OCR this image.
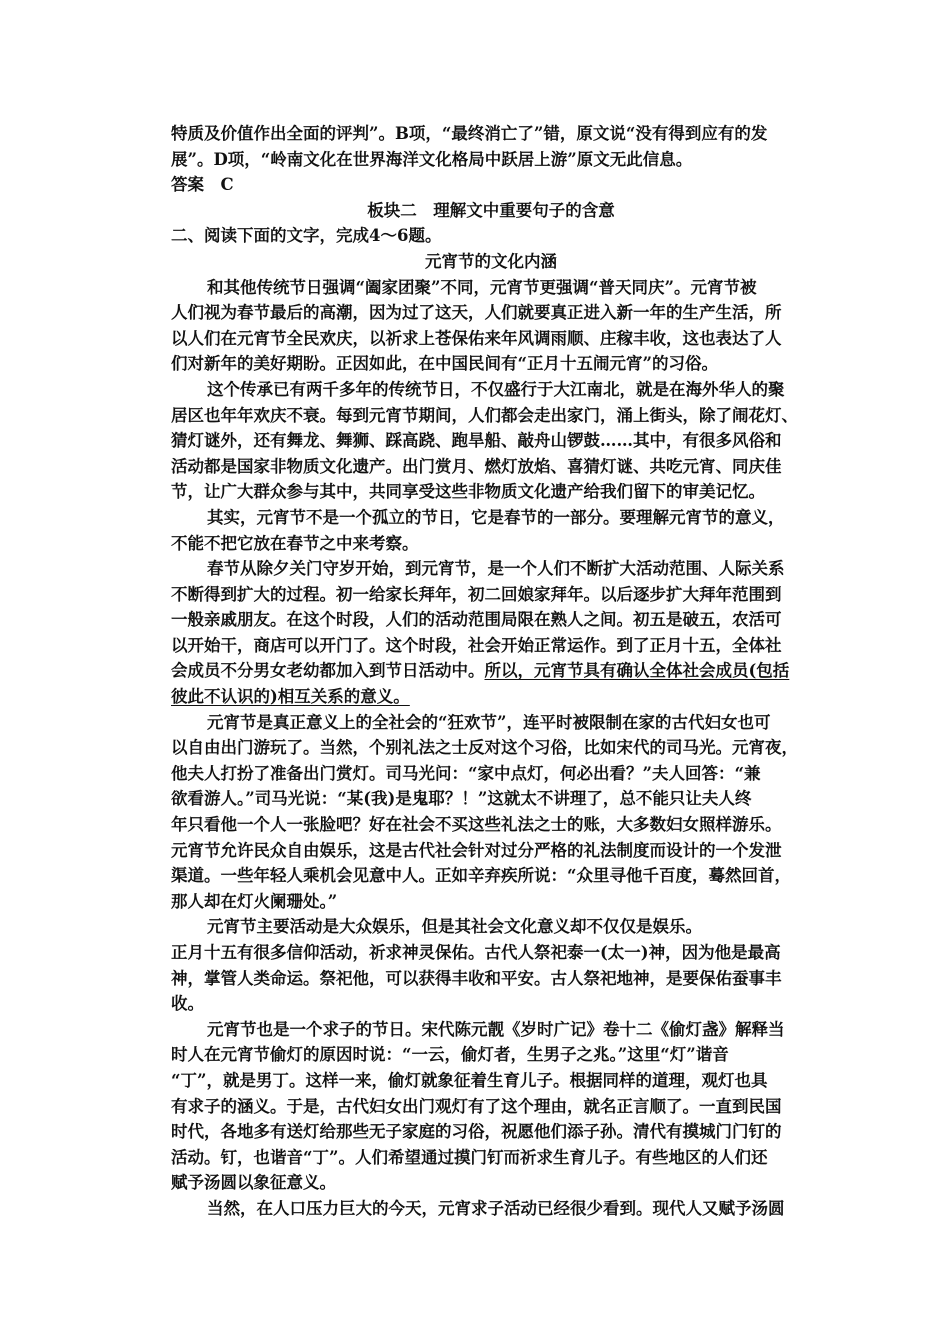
特质及价值作出全面的评判”。B项，“最终消亡了”错，原文说“没有得到应有的发
展”。D项，“岭南文化在世界海洋文化格局中跃居上游”原文无此信息。
答案　C
板块二　理解文中重要句子的含意
二、阅读下面的文字，完成4～6题。
元宵节的文化内涵
和其他传统节日强调“阖家团聚”不同，元宵节更强调“普天同庆”。元宵节被
人们视为春节最后的高潮，因为过了这天，人们就要真正进入新一年的生产生活，所
以人们在元宵节全民欢庆，以祈求上苍保佑来年风调雨顺、庄稼丰收，这也表达了人
们对新年的美好期盼。正因如此，在中国民间有“正月十五闹元宵”的习俗。
这个传承已有两千多年的传统节日，不仅盛行于大江南北，就是在海外华人的聚
居区也年年欢庆不衰。每到元宵节期间，人们都会走出家门，涌上街头，除了闹花灯、
猜灯谜外，还有舞龙、舞狮、踩高跷、跑旱船、敲舟山锣鼓……其中，有很多风俗和
活动都是国家非物质文化遗产。出门赏月、燃灯放焰、喜猜灯谜、共吃元宵、同庆佳
节，让广大群众参与其中，共同享受这些非物质文化遗产给我们留下的审美记忆。
其实，元宵节不是一个孤立的节日，它是春节的一部分。要理解元宵节的意义，
不能不把它放在春节之中来考察。
春节从除夕关门守岁开始，到元宵节，是一个人们不断扩大活动范围、人际关系
不断得到扩大的过程。初一给家长拜年，初二回娘家拜年。以后逐步扩大拜年范围到
一般亲戚朋友。在这个时段，人们的活动范围局限在熟人之间。初五是破五，农活可
以开始干，商店可以开门了。这个时段，社会开始正常运作。到了正月十五，全体社
会成员不分男女老幼都加入到节日活动中。所以，元宵节具有确认全体社会成员(包括
彼此不认识的)相互关系的意义。
元宵节是真正意义上的全社会的“狂欢节”，连平时被限制在家的古代妇女也可
以自由出门游玩了。当然，个别礼法之士反对这个习俗，比如宋代的司马光。元宵夜，
他夫人打扮了准备出门赏灯。司马光问：“家中点灯，何必出看？”夫人回答：“兼
欲看游人。”司马光说：“某(我)是鬼耶？！”这就太不讲理了，总不能只让夫人终
年只看他一个人一张脸吧？好在社会不买这些礼法之士的账，大多数妇女照样游乐。
元宵节允许民众自由娱乐，这是古代社会针对过分严格的礼法制度而设计的一个发泄
渠道。一些年轻人乘机会见意中人。正如辛弃疾所说：“众里寻他千百度，蓦然回首，
那人却在灯火阑珊处。”
元宵节主要活动是大众娱乐，但是其社会文化意义却不仅仅是娱乐。
正月十五有很多信仰活动，祈求神灵保佑。古代人祭祀泰一(太一)神，因为他是最高
神，掌管人类命运。祭祀他，可以获得丰收和平安。古人祭祀地神，是要保佑蚕事丰
收。
元宵节也是一个求子的节日。宋代陈元靓《岁时广记》卷十二《偷灯盏》解释当
时人在元宵节偷灯的原因时说：“一云，偷灯者，生男子之兆。”这里“灯”谐音
“丁”，就是男丁。这样一来，偷灯就象征着生育儿子。根据同样的道理，观灯也具
有求子的涵义。于是，古代妇女出门观灯有了这个理由，就名正言顺了。一直到民国
时代，各地多有送灯给那些无子家庭的习俗，祝愿他们添子孙。清代有摸城门门钉的
活动。钉，也谐音“丁”。人们希望通过摸门钉而祈求生育儿子。有些地区的人们还
赋予汤圆以象征意义。
当然，在人口压力巨大的今天，元宵求子活动已经很少看到。现代人又赋予汤圆
